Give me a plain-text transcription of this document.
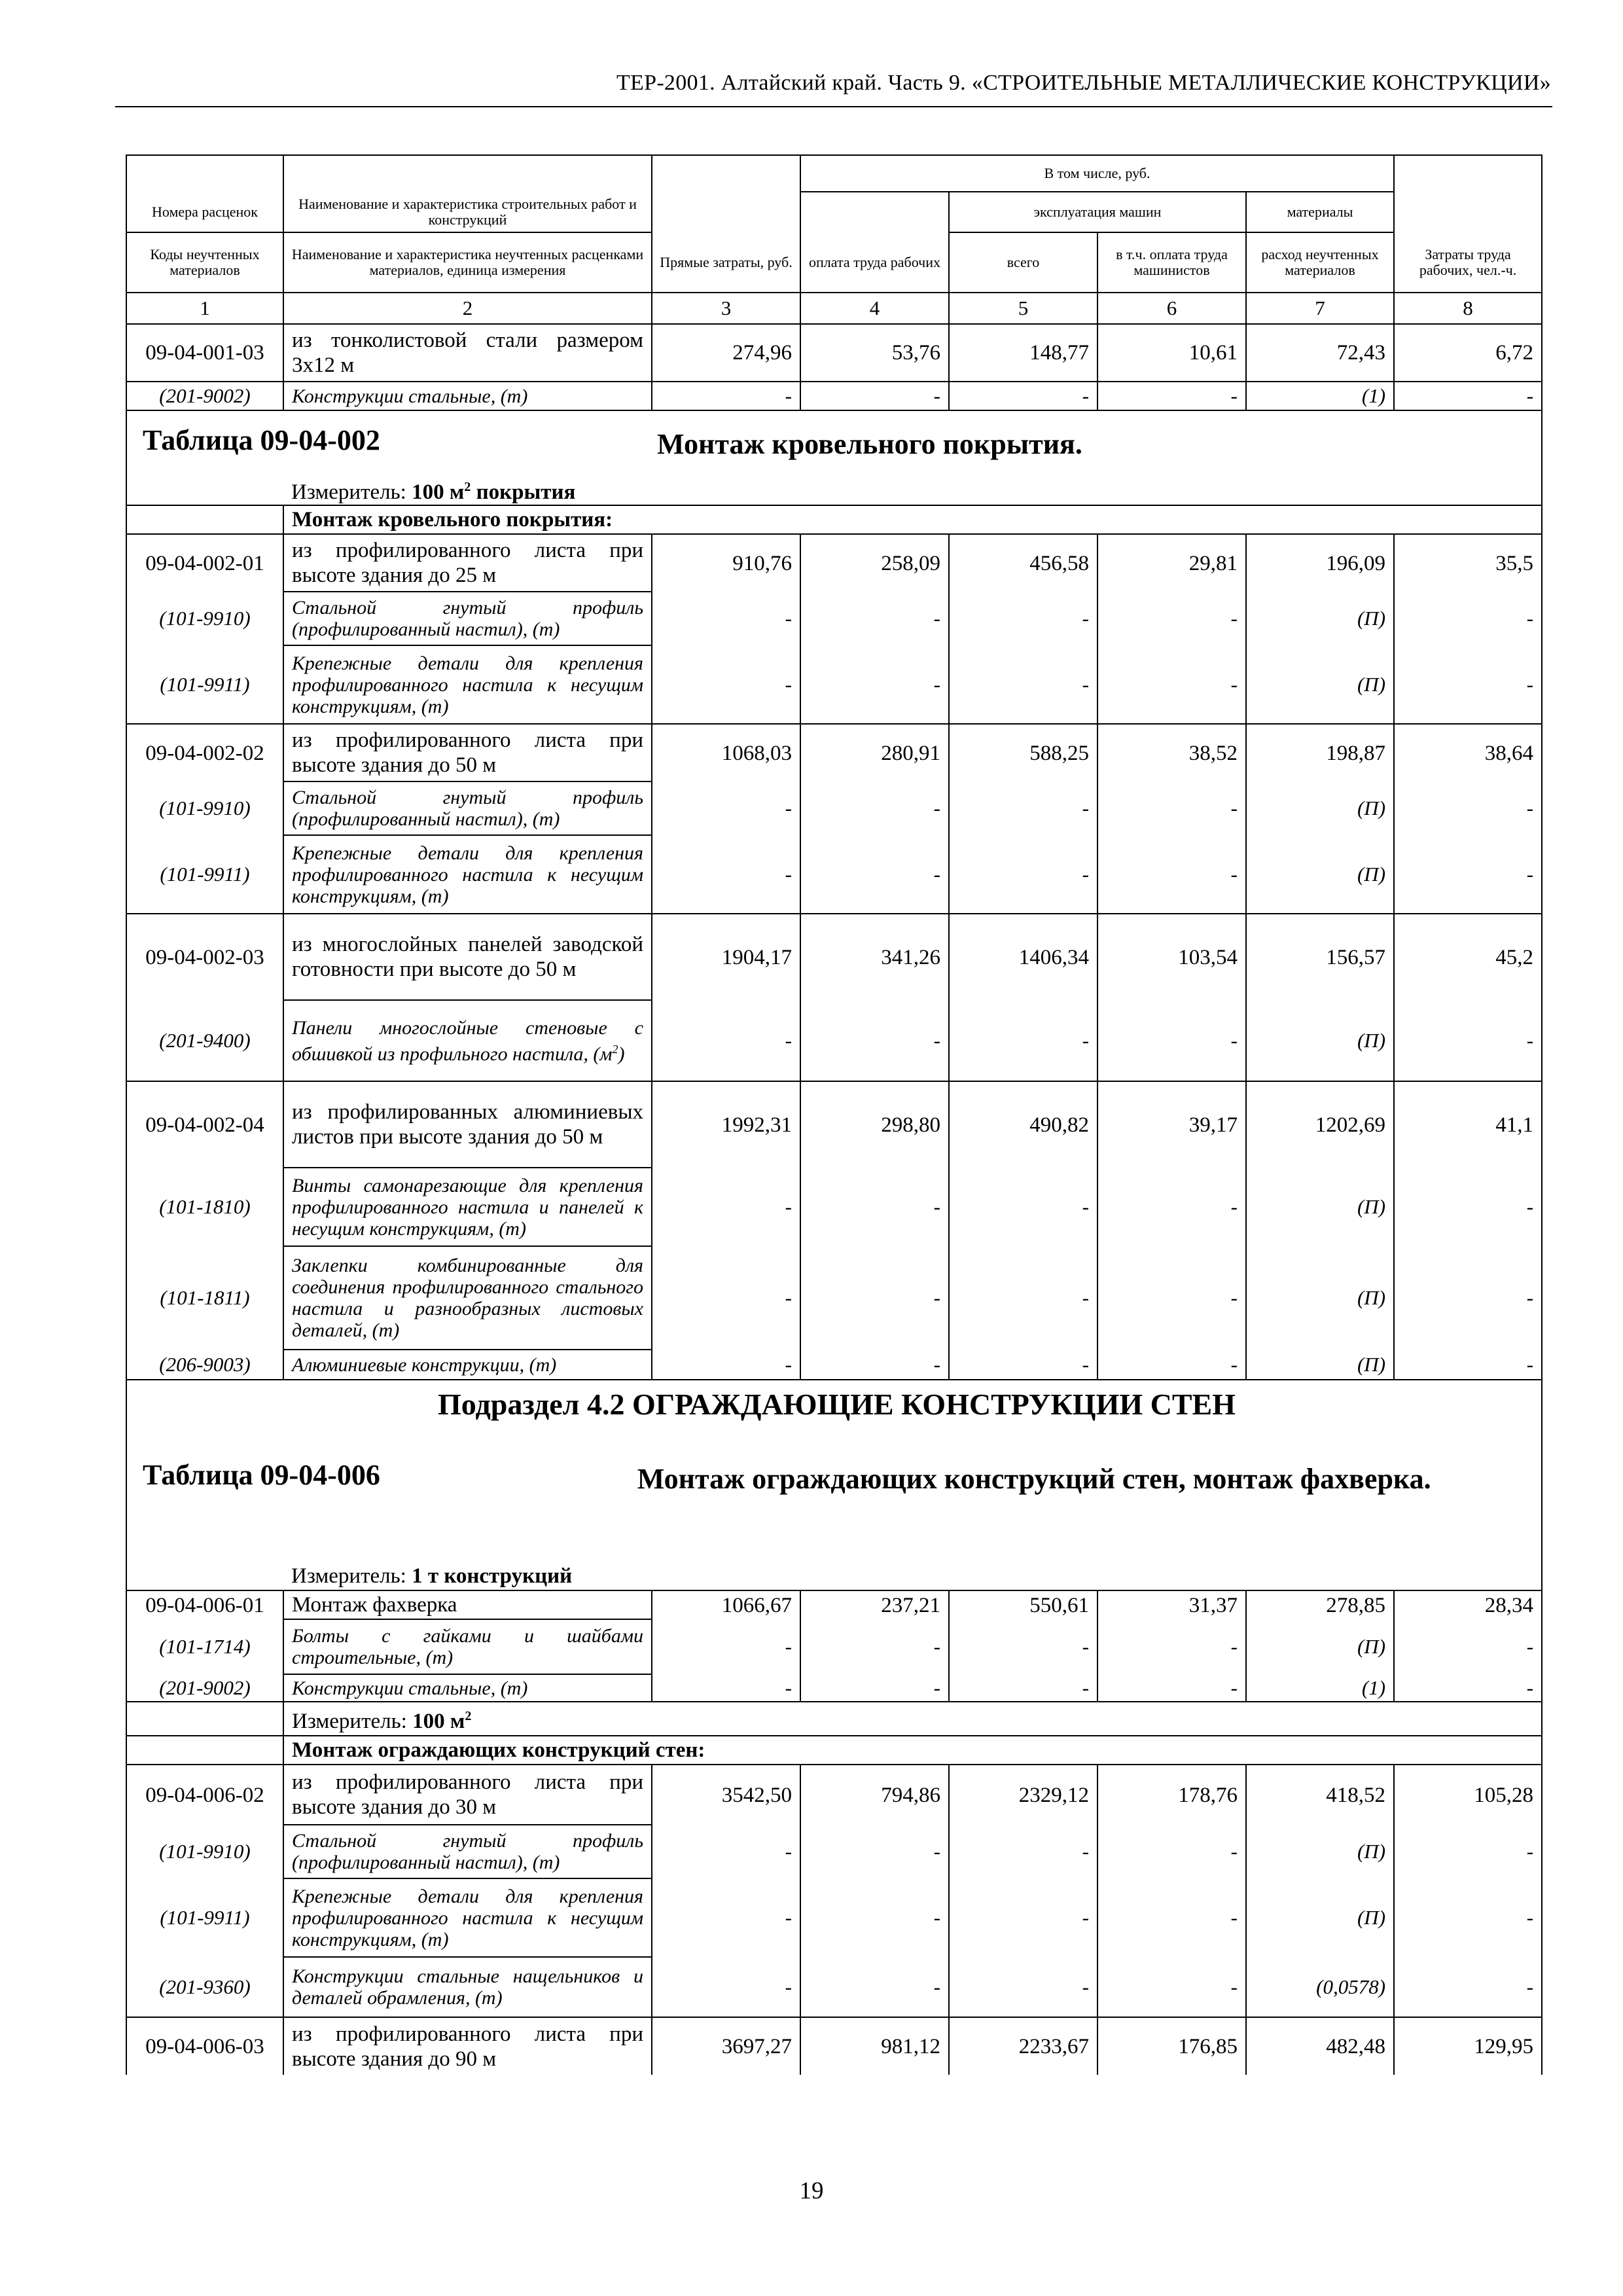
ТЕР-2001. Алтайский край. Часть 9. «СТРОИТЕЛЬНЫЕ МЕТАЛЛИЧЕСКИЕ КОНСТРУКЦИИ»
			В том числе, руб.				
Номера расценок	Наименование и характеристика строительных работ и конструкций			эксплуатация машин		материалы	
Коды неучтенных материалов	Наименование и характеристика неучтенных расценками материалов, единица измерения	Прямые затраты, руб.	оплата труда рабочих	всего	в т.ч. оплата труда машинистов	расход неучтенных материалов	Затраты труда рабочих, чел.-ч.
1	2	3	4	5	6	7	8
09-04-001-03	из тонколистовой стали размером 3х12 м	274,96	53,76	148,77	10,61	72,43	6,72
(201-9002)	Конструкции стальные, (т)	-	-	-	-	(1)	-

Таблица 09-04-002 Монтаж кровельного покрытия.							

	Измеритель: 100 $м^2$ покрытия						
	Монтаж кровельного покрытия:						
09-04-002-01	из профилированного листа при высоте здания до 25 м	910,76	258,09	456,58	29,81	196,09	35,5
(101-9910)	Стальной гнутый профиль (профилированный настил), (т)	-	-	-	-	(П)	-
(101-9911)	Крепежные детали для крепления профилированного настила к несущим конструкциям, (т)	-	-	-	-	(П)	-
09-04-002-02	из профилированного листа при высоте здания до 50 м	1068,03	280,91	588,25	38,52	198,87	38,64
(101-9910)	Стальной гнутый профиль (профилированный настил), (т)	-	-	-	-	(П)	-
(101-9911)	Крепежные детали для крепления профилированного настила к несущим конструкциям, (т)	-	-	-	-	(П)	-
09-04-002-03	из многослойных панелей заводской готовности при высоте до 50 м	1904,17	341,26	1406,34	103,54	156,57	45,2
(201-9400)	Панели многослойные стеновые с обшивкой из профильного настила, $(м^2)$	-	-	-	-	(П)	-
09-04-002-04	из профилированных алюминиевых листов при высоте здания до 50 м	1992,31	298,80	490,82	39,17	1202,69	41,1
(101-1810)	Винты самонарезающие для крепления профилированного настила и панелей к несущим конструкциям, (т)	-	-	-	-	(П)	-
(101-1811)	Заклепки комбинированные для соединения профилированного стального настила и разнообразных листовых деталей, (т)	-	-	-	-	(П)	-
(206-9003)	Алюминиевые конструкции, (т)	-	-	-	-	(П)	-

Подраздел 4.2 ОГРАЖДАЮЩИЕ КОНСТРУКЦИИ СТЕН
Таблица 09-04-006 Монтаж ограждающих конструкций стен, монтаж фахверка.							

	Измеритель: 1 т конструкций						
09-04-006-01	Монтаж фахверка	1066,67	237,21	550,61	31,37	278,85	28,34
(101-1714)	Болты с гайками и шайбами строительные, (т)	-	-	-	-	(П)	-
(201-9002)	Конструкции стальные, (т)	-	-	-	-	(1)	-
	Измеритель: 100 $м^2$
	Монтаж ограждающих конструкций стен:						
09-04-006-02	из профилированного листа при высоте здания до 30 м	3542,50	794,86	2329,12	178,76	418,52	105,28
(101-9910)	Стальной гнутый профиль (профилированный настил), (т)	-	-	-	-	(П)	-
(101-9911)	Крепежные детали для крепления профилированного настила к несущим конструкциям, (т)	-	-	-	-	(П)	-
(201-9360)	Конструкции стальные нащельников и деталей обрамления, (т)	-	-	-	-	(0,0578)	-
09-04-006-03	из профилированного листа при высоте здания до 90 м	3697,27	981,12	2233,67	176,85	482,48	129,95
19
